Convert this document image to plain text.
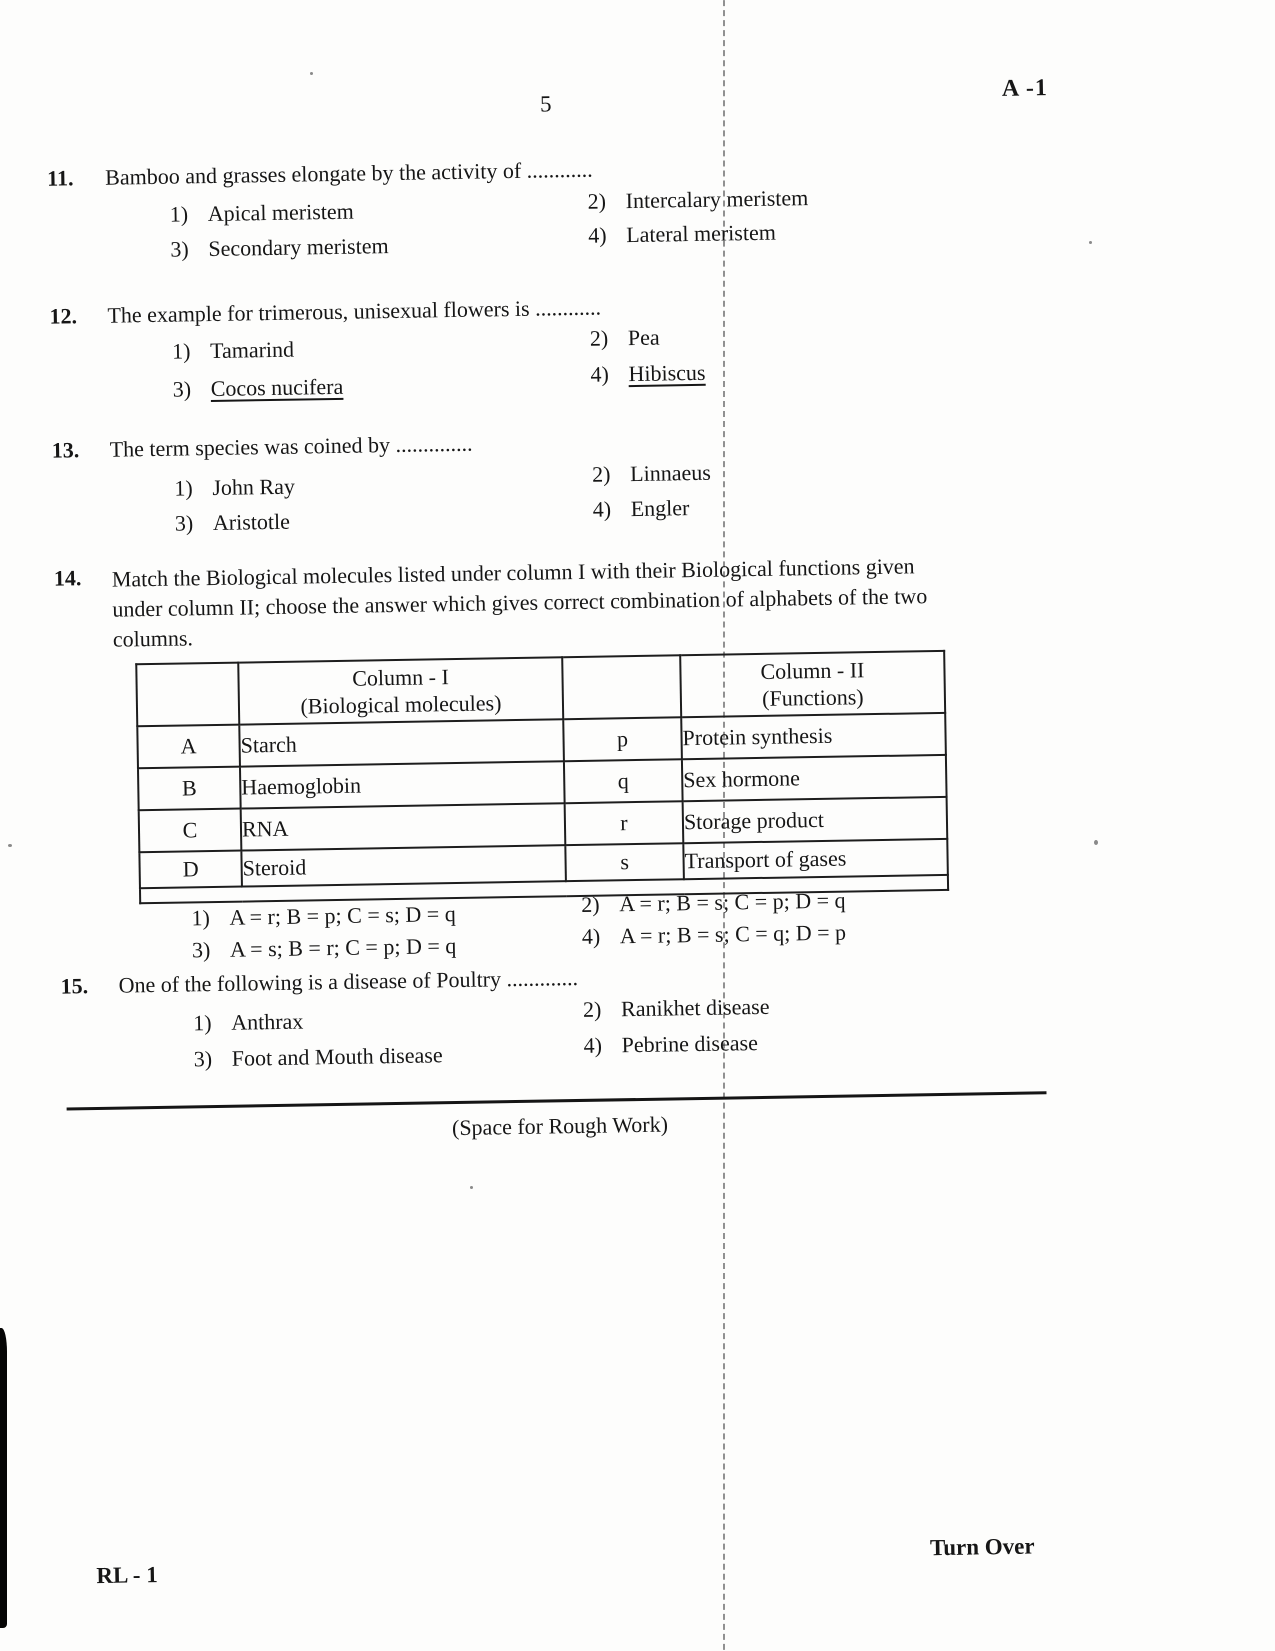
5
A -1
11. Bamboo and grasses elongate by the activity of ............
1) Apical meristem	2) Intercalary meristem
3) Secondary meristem	4) Lateral meristem
12. The example for trimerous, unisexual flowers is ............
1) Tamarind	2) Pea
3) Cocos nucifera	4) Hibiscus
13. The term species was coined by ..............
1) John Ray	2) Linnaeus
3) Aristotle	4) Engler
14. Match the Biological molecules listed under column I with their Biological functions given
under column II; choose the answer which gives correct combination of alphabets of the two
columns.

	Column - I
(Biological molecules)		Column - II
(Functions)

A	Starch	p	Protein synthesis
B	Haemoglobin	q	Sex hormone
C	RNA	r	Storage product
D	Steroid	s	Transport of gases

1) A = r; B = p; C = s; D = q	2) A = r; B = s; C = p; D = q
3) A = s; B = r; C = p; D = q	4) A = r; B = s; C = q; D = p
15. One of the following is a disease of Poultry .............
1) Anthrax	2) Ranikhet disease
3) Foot and Mouth disease	4) Pebrine disease
(Space for Rough Work)
RL - 1
Turn Over
